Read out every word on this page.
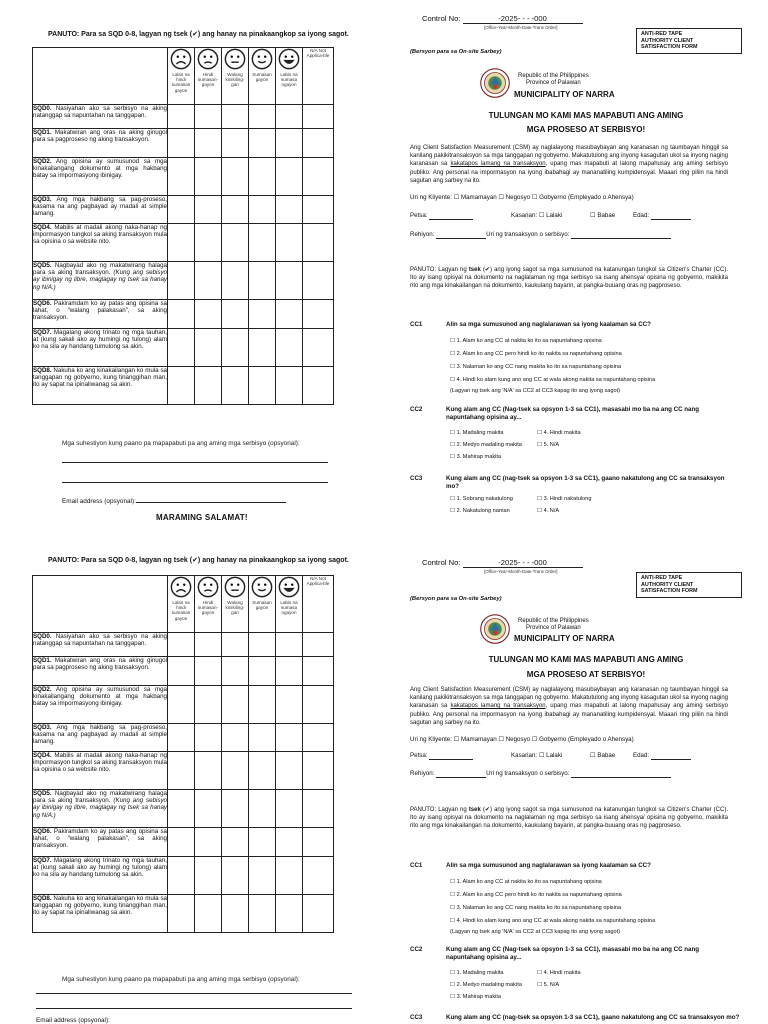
PANUTO: Para sa SQD 0-8, lagyan ng tsek (✔) ang hanay na pinakaangkop sa iyong sagot.

	Labis na hindi sumasan gayon	Hindi sumasan-gayon	Walang kinikiling-gan	Sumasan gayon	Labis na sumasa ngayon	N/A Not Applica-ble

SQD0. Nasiyahan ako sa serbisyo na aking natanggap sa napuntahan na tanggapan.						
SQD1. Makatwiran ang oras na aking ginugol para sa pagproseso ng aking transaksyon.						
SQD2. Ang opisina ay sumusunod sa mga kinakailangang dokumento at mga hakbang batay sa impormasyong ibinigay.						
SQD3. Ang mga hakbang sa pag-proseso, kasama na ang pagbayad ay madali at simple lamang.						
SQD4. Mabilis at madali akong naka-hanap ng impormasyon tungkol sa aking transaksyon mula sa opisina o sa website nito.						
SQD5. Nagbayad ako ng makatwirang halaga para sa aking transaksyon. (Kung ang sebisyo ay ibinigay ng libre, maglagay ng tsek sa hanay ng N/A.)						
SQD6. Pakiramdam ko ay patas ang opisina sa lahat, o “walang palakasan”, sa aking transaksyon.						
SQD7. Magalang akong trinato ng mga tauhan, at (kung sakali ako ay humingi ng tulong) alam ko na sila ay handang tumulong sa akin.						
SQD8. Nakuha ko ang kinakailangan ko mula sa tanggapan ng gobyerno, kung tinanggihan man, ito ay sapat na ipinaliwanag sa akin.						
Mga suhestiyon kung paano pa mapapabuti pa ang aming mga serbisyo (opsyonal):
Email address (opsyonal):
MARAMING SALAMAT!
Control No:	-2025- - - -000
[Office-Year-Month-Date-Trans Order]
ANTI-RED TAPE
AUTHORITY CLIENT
SATISFACTION FORM
(Bersyon para sa On-site Sarbey)
Republic of the Philippines
Province of Palawan
MUNICIPALITY OF NARRA
TULUNGAN MO KAMI MAS MAPABUTI ANG AMING
MGA PROSESO AT SERBISYO!
Ang Client Satisfaction Measurement (CSM) ay naglalayong masubaybayan ang karanasan ng taumbayan hinggil sa kanilang pakikitransaksyon sa mga tanggapan ng gobyerno. Makatutulong ang inyong kasagutan ukol sa inyong naging karanasan sa kakatapos lamang na transaksyon, upang mas mapabuti at lalong mapahusay ang aming serbisyo publiko. Ang personal na impormasyon na iyong ibabahagi ay mananatiling kumpidensyal. Maaari ring piliin na hindi sagutan ang sarbey na ito.
Uri ng Kliyente: ☐ Mamamayan ☐ Negosyo ☐ Gobyerno (Empleyado o Ahensya)
Petsa:	Kasarian: ☐ Lalaki	☐ Babae	Edad:
Rehiyon:	Uri ng transaksyon o serbisyo:
PANUTO: Lagyan ng tsek (✔) ang iyong sagot sa mga sumusunod na katanungan tungkol sa Citizen's Charter (CC). Ito ay isang opisyal na dokumento na naglalaman ng mga serbisyo sa isang ahensya/ opisina ng gobyerno, makikita rito ang mga kinakailangan na dokumento, kaukulang bayarin, at pangka-buuang oras ng pagproseso.
CC1	Alin sa mga sumusunod ang naglalarawan sa iyong kaalaman sa CC?
☐ 1. Alam ko ang CC at nakita ko ito sa napuntahang opisina
☐ 2. Alam ko ang CC pero hindi ko ito nakita sa napuntahang opisina
☐ 3. Nalaman ko ang CC nang makita ko ito sa napuntahang opisina
☐ 4. Hindi ko alam kung ano ang CC at wala akong nakita sa napuntahang opisina
(Lagyan ng tsek ang 'N/A' sa CC2 at CC3 kapag ito ang iyong sagot)
CC2	Kung alam ang CC (Nag-tsek sa opsyon 1-3 sa CC1), masasabi mo ba na ang CC nang napuntahang opisina ay...
☐ 1. Madaling makita	☐ 4. Hindi makita
☐ 2. Medyo madaling makita	☐ 5. N/A
☐ 3. Mahirap makita
CC3	Kung alam ang CC (nag-tsek sa opsyon 1-3 sa CC1), gaano nakatulong ang CC sa transaksyon mo?
☐ 1. Sobrang nakatulong	☐ 3. Hindi nakatulong
☐ 2. Nakatulong naman	☐ 4. N/A
PANUTO: Para sa SQD 0-8, lagyan ng tsek (✔) ang hanay na pinakaangkop sa iyong sagot.

	Labis na hindi sumasan gayon	Hindi sumasan-gayon	Walang kinikiling-gan	Sumasan gayon	Labis na sumasa ngayon	N/A Not Applica-ble

SQD0. Nasiyahan ako sa serbisyo na aking natanggap sa napuntahan na tanggapan.						
SQD1. Makatwiran ang oras na aking ginugol para sa pagproseso ng aking transaksyon.						
SQD2. Ang opisina ay sumusunod sa mga kinakailangang dokumento at mga hakbang batay sa impormasyong ibinigay.						
SQD3. Ang mga hakbang sa pag-proseso, kasama na ang pagbayad ay madali at simple lamang.						
SQD4. Mabilis at madali akong naka-hanap ng impormasyon tungkol sa aking transaksyon mula sa opisina o sa website nito.						
SQD5. Nagbayad ako ng makatwirang halaga para sa aking transaksyon. (Kung ang sebisyo ay ibinigay ng libre, maglagay ng tsek sa hanay ng N/A.)						
SQD6. Pakiramdam ko ay patas ang opisina sa lahat, o “walang palakasan”, sa aking transaksyon.						
SQD7. Magalang akong trinato ng mga tauhan, at (kung sakali ako ay humingi ng tulong) alam ko na sila ay handang tumulong sa akin.						
SQD8. Nakuha ko ang kinakailangan ko mula sa tanggapan ng gobyerno, kung tinanggihan man, ito ay sapat na ipinaliwanag sa akin.						
Mga suhestiyon kung paano pa mapapabuti pa ang aming mga serbisyo (opsyonal):
Email address (opsyonal):
Control No:	-2025- - - -000
[Office-Year-Month-Date-Trans Order]
ANTI-RED TAPE
AUTHORITY CLIENT
SATISFACTION FORM
(Bersyon para sa On-site Sarbey)
Republic of the Philippines
Province of Palawan
MUNICIPALITY OF NARRA
TULUNGAN MO KAMI MAS MAPABUTI ANG AMING
MGA PROSESO AT SERBISYO!
Ang Client Satisfaction Measurement (CSM) ay naglalayong masubaybayan ang karanasan ng taumbayan hinggil sa kanilang pakikitransaksyon sa mga tanggapan ng gobyerno. Makatutulong ang inyong kasagutan ukol sa inyong naging karanasan sa kakatapos lamang na transaksyon, upang mas mapabuti at lalong mapahusay ang aming serbisyo publiko. Ang personal na impormasyon na iyong ibabahagi ay mananatiling kumpidensyal. Maaari ring piliin na hindi sagutan ang sarbey na ito.
Uri ng Kliyente: ☐ Mamamayan ☐ Negosyo ☐ Gobyerno (Empleyado o Ahensya)
Petsa:	Kasarian: ☐ Lalaki	☐ Babae	Edad:
Rehiyon:	Uri ng transaksyon o serbisyo:
PANUTO: Lagyan ng tsek (✔) ang iyong sagot sa mga sumusunod na katanungan tungkol sa Citizen's Charter (CC). Ito ay isang opisyal na dokumento na naglalaman ng mga serbisyo sa isang ahensya/ opisina ng gobyerno, makikita rito ang mga kinakailangan na dokumento, kaukulang bayarin, at pangka-buuang oras ng pagproseso.
CC1	Alin sa mga sumusunod ang naglalarawan sa iyong kaalaman sa CC?
☐ 1. Alam ko ang CC at nakita ko ito sa napuntahang opisina
☐ 2. Alam ko ang CC pero hindi ko ito nakita sa napuntahang opisina
☐ 3. Nalaman ko ang CC nang makita ko ito sa napuntahang opisina
☐ 4. Hindi ko alam kung ano ang CC at wala akong nakita sa napuntahang opisina
(Lagyan ng tsek ang 'N/A' sa CC2 at CC3 kapag ito ang iyong sagot)
CC2	Kung alam ang CC (Nag-tsek sa opsyon 1-3 sa CC1), masasabi mo ba na ang CC nang napuntahang opisina ay...
☐ 1. Madaling makita	☐ 4. Hindi makita
☐ 2. Medyo madaling makita	☐ 5. N/A
☐ 3. Mahirap makita
CC3	Kung alam ang CC (nag-tsek sa opsyon 1-3 sa CC1), gaano nakatulong ang CC sa transaksyon mo?
